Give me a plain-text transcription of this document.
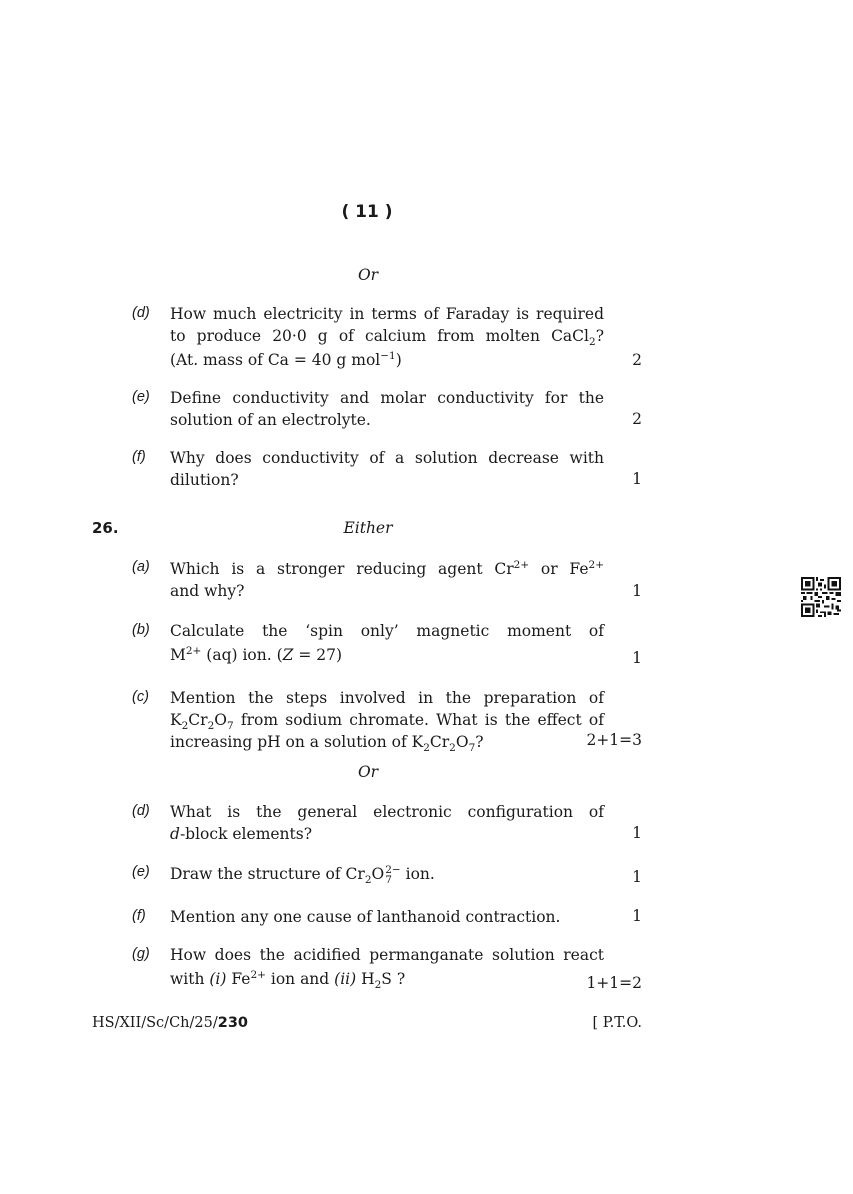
( 11 )
Or
(d) How much electricity in terms of Faraday is required
to produce 20·0 g of calcium from molten CaCl$_2$?
(At. mass of Ca = 40 g mol$^{-1}$)	2
(e) Define conductivity and molar conductivity for the
solution of an electrolyte.	2
(f) Why does conductivity of a solution decrease with
dilution?	1
26.	Either
(a) Which is a stronger reducing agent $Cr^{2+}$ or $Fe^{2+}$
and why?	1
(b) Calculate the ‘spin only’ magnetic moment of
$M^{2+}$ (aq) ion. (Z = 27)	1
(c) Mention the steps involved in the preparation of
$K_2Cr_2O_7$ from sodium chromate. What is the effect of
increasing pH on a solution of $K_2Cr_2O_7$?	2+1=3
Or
(d) What is the general electronic configuration of
d-block elements?	1
(e) Draw the structure of $Cr_2O$ 2−
7 ion.	1
(f) Mention any one cause of lanthanoid contraction.	1
(g) How does the acidified permanganate solution react
with (i) $Fe^{2+}$ ion and (ii) $H_2S$ ?	1+1=2
HS/XII/Sc/Ch/25/230	[ P.T.O.
